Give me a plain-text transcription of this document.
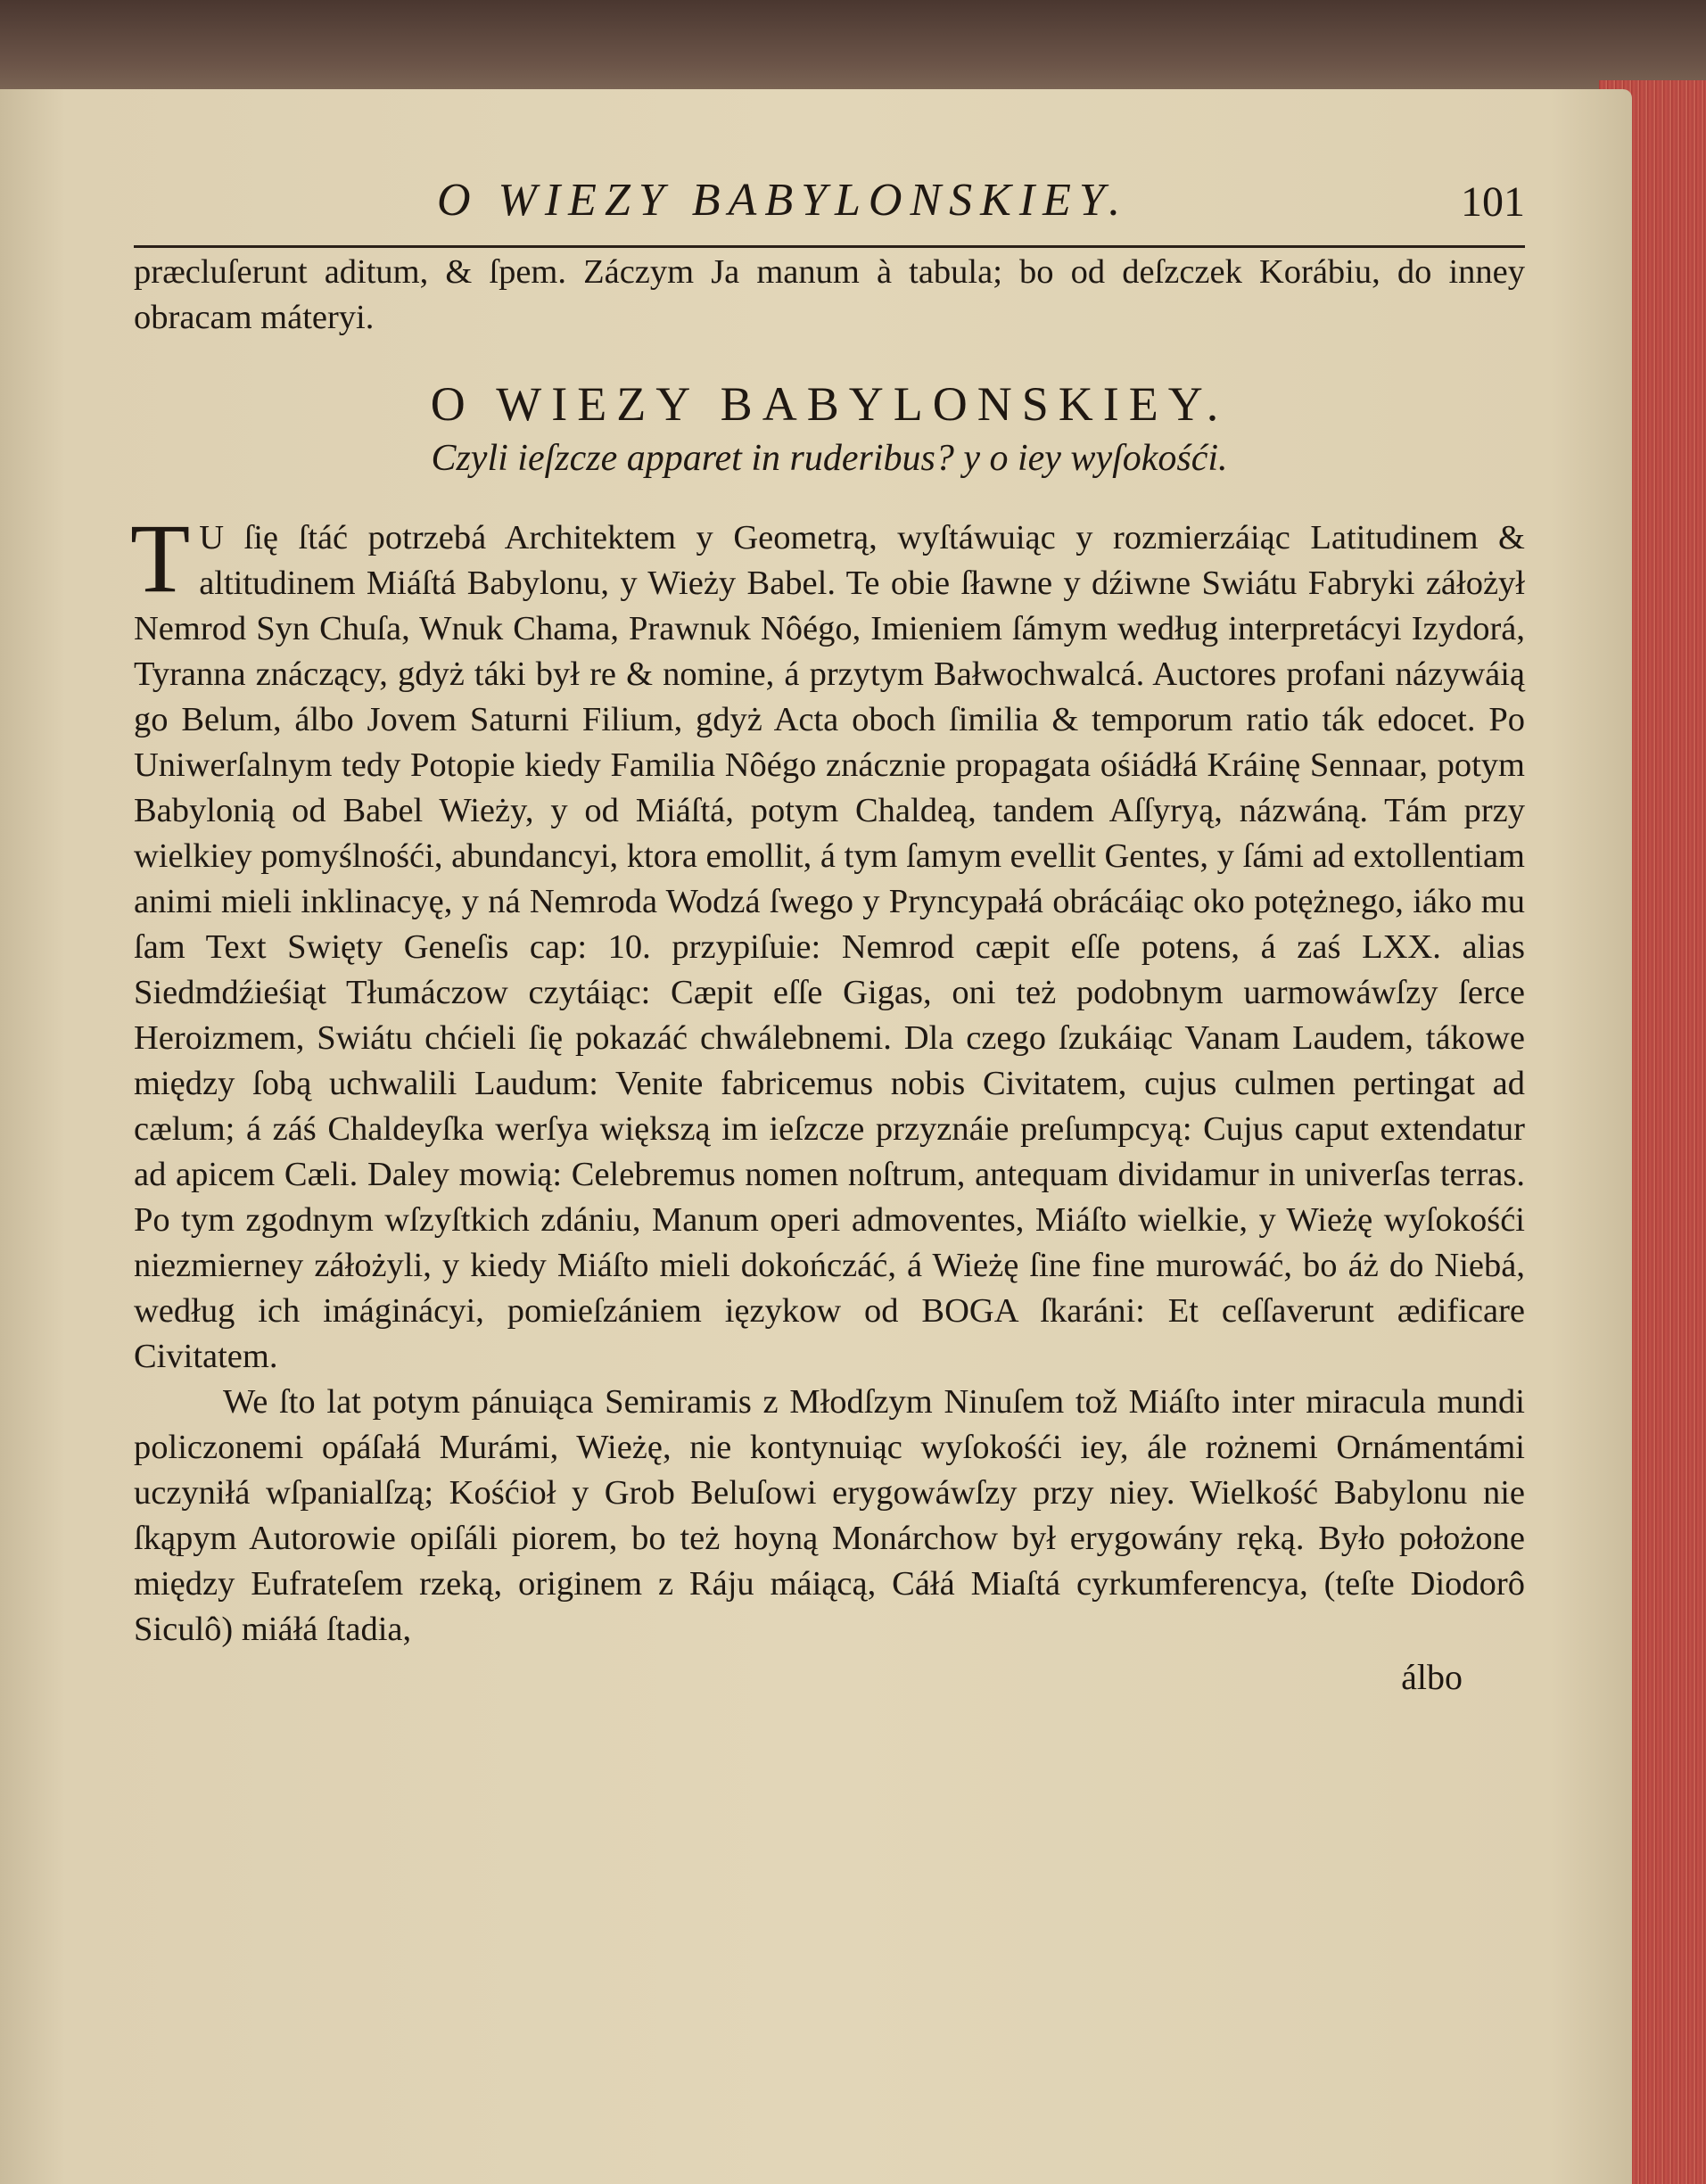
O WIEZY BABYLONSKIEY.	101

præcluſerunt aditum, & ſpem. Záczym Ja manum à tabula; bo od deſzczek Korábiu, do inney obracam máteryi.

O WIEZY BABYLONSKIEY.
Czyli ieſzcze apparet in ruderibus? y o iey wyſokośći.

T U ſię ſtáć potrzebá Architektem y Geometrą, wyſtáwuiąc y rozmierzáiąc Latitudinem & altitudinem Miáſtá Babylonu, y Wieży Babel. Te obie ſławne y dźiwne Swiátu Fabryki záłożył Nemrod Syn Chuſa, Wnuk Chama, Prawnuk Nôégo, Imieniem ſámym według interpretácyi Izydorá, Tyranna znáczący, gdyż táki był re & nomine, á przytym Bałwochwalcá. Auctores profani názywáią go Belum, álbo Jovem Saturni Filium, gdyż Acta oboch ſimilia & temporum ratio ták edocet. Po Uniwerſalnym tedy Potopie kiedy Familia Nôégo znácznie propagata ośiádłá Kráinę Sennaar, potym Babylonią od Babel Wieży, y od Miáſtá, potym Chaldeą, tandem Aſſyryą, názwáną. Tám przy wielkiey pomyślnośći, abundancyi, ktora emollit, á tym ſamym evellit Gentes, y ſámi ad extollentiam animi mieli inklinacyę, y ná Nemroda Wodzá ſwego y Pryncypałá obrácáiąc oko potężnego, iáko mu ſam Text Swięty Geneſis cap: 10. przypiſuie: Nemrod cæpit eſſe potens, á zaś LXX. alias Siedmdźieśiąt Tłumáczow czytáiąc: Cæpit eſſe Gigas, oni też podobnym uarmowáwſzy ſerce Heroizmem, Swiátu chćieli ſię pokazáć chwálebnemi. Dla czego ſzukáiąc Vanam Laudem, tákowe między ſobą uchwalili Laudum: Venite fabricemus nobis Civitatem, cujus culmen pertingat ad cælum; á záś Chaldeyſka werſya większą im ieſzcze przyznáie preſumpcyą: Cujus caput extendatur ad apicem Cæli. Daley mowią: Celebremus nomen noſtrum, antequam dividamur in univerſas terras. Po tym zgodnym wſzyſtkich zdániu, Manum operi admoventes, Miáſto wielkie, y Wieżę wyſokośći niezmierney záłożyli, y kiedy Miáſto mieli dokończáć, á Wieżę ſine fine murowáć, bo áż do Niebá, według ich imáginácyi, pomieſzániem ięzykow od BOGA ſkaráni: Et ceſſaverunt ædificare Civitatem.

We ſto lat potym pánuiąca Semiramis z Młodſzym Ninuſem tož Miáſto inter miracula mundi policzonemi opáſałá Murámi, Wieżę, nie kontynuiąc wyſokośći iey, ále rożnemi Ornámentámi uczyniłá wſpanialſzą; Kośćioł y Grob Beluſowi erygowáwſzy przy niey. Wielkość Babylonu nie ſkąpym Autorowie opiſáli piorem, bo też hoyną Monárchow był erygowány ręką. Było położone między Eufrateſem rzeką, originem z Ráju máiącą, Cáłá Miaſtá cyrkumferencya, (teſte Diodorô Siculô) miáłá ſtadia,

álbo
